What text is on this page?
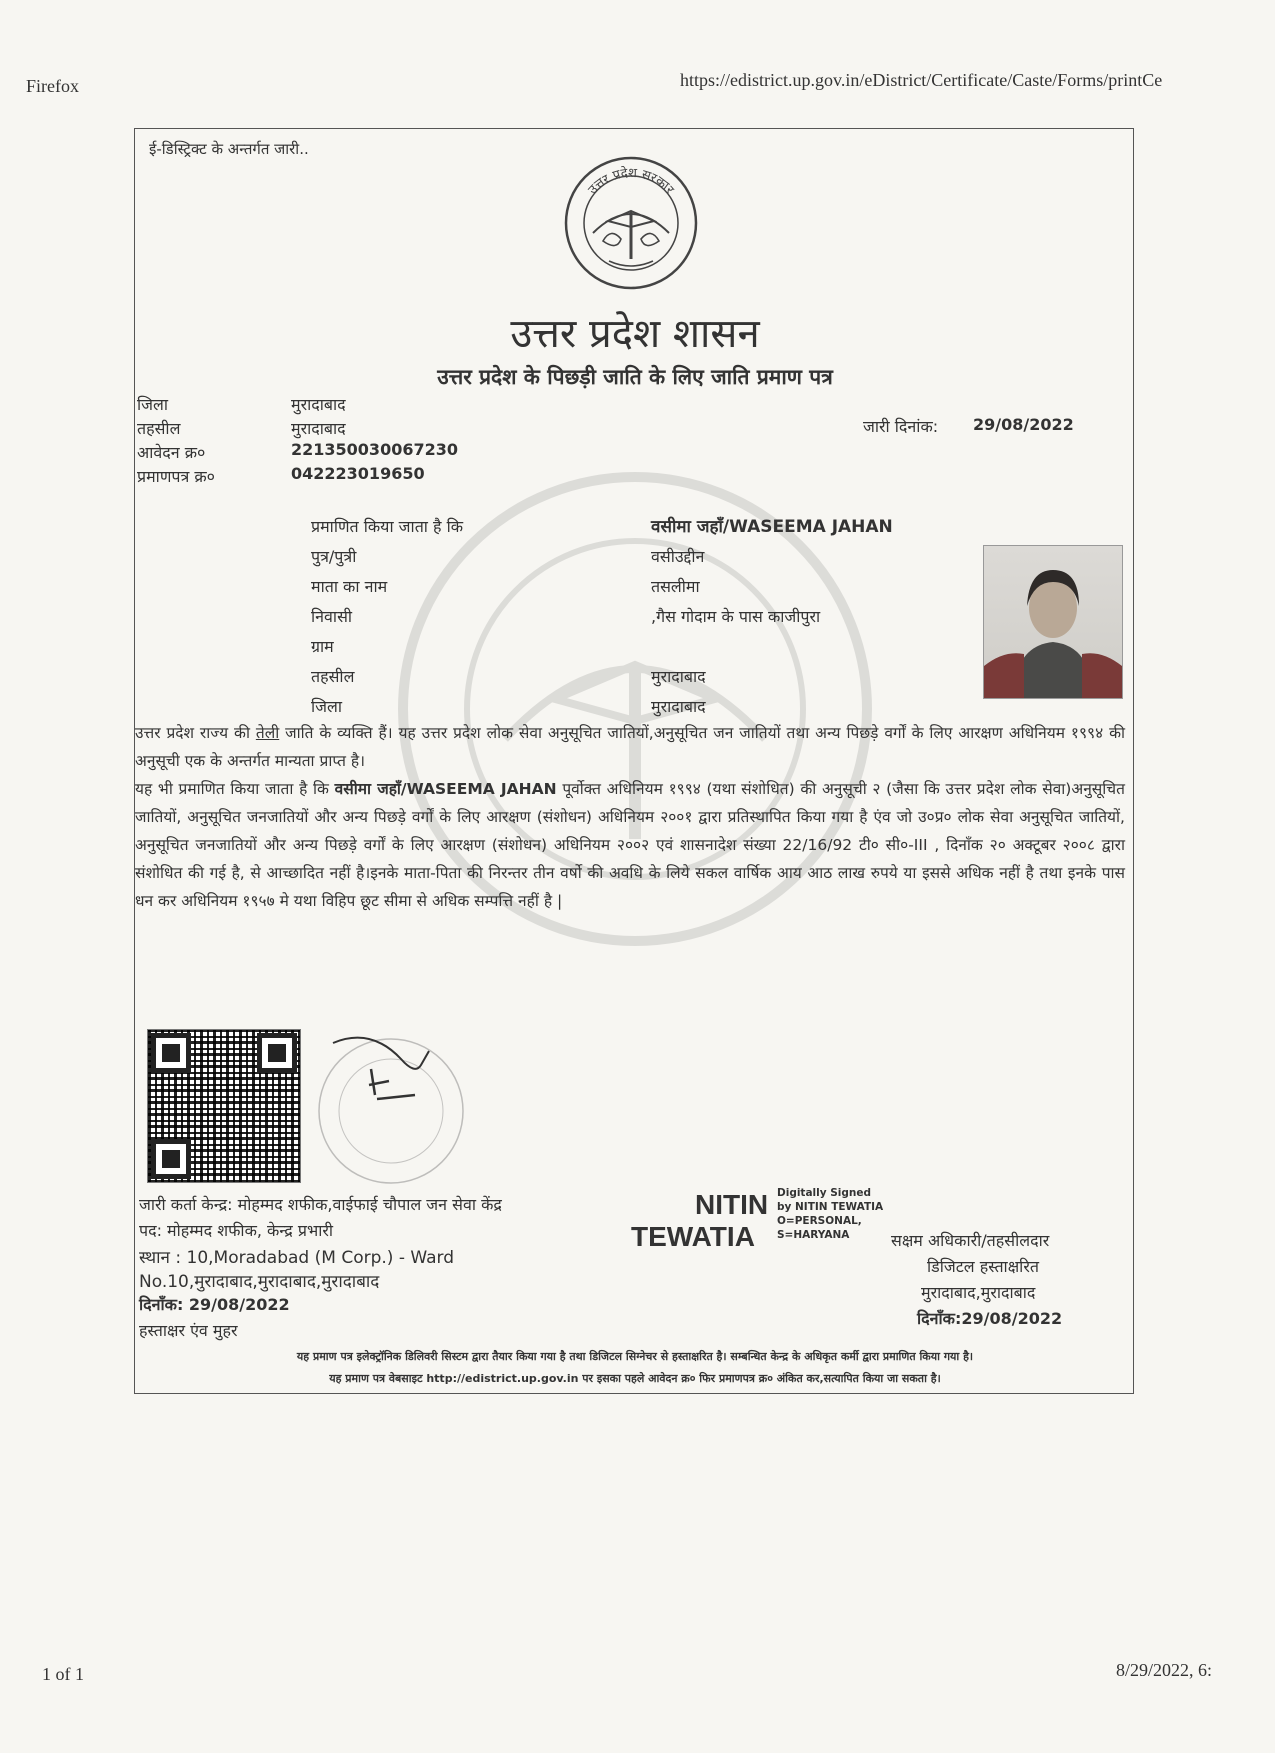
Firefox	https://edistrict.up.gov.in/eDistrict/Certificate/Caste/Forms/printCe
ई-डिस्ट्रिक्ट के अन्तर्गत जारी..
उत्तर प्रदेश सरकार
उत्तर प्रदेश शासन
उत्तर प्रदेश के पिछड़ी जाति के लिए जाति प्रमाण पत्र
जिला	मुरादाबाद
तहसील	मुरादाबाद
आवेदन क्र०	221350030067230
प्रमाणपत्र क्र०	042223019650
जारी दिनांक: 29/08/2022
प्रमाणित किया जाता है कि	वसीमा जहाँ/WASEEMA JAHAN
पुत्र/पुत्री	वसीउद्दीन
माता का नाम	तसलीमा
निवासी	,गैस गोदाम के पास काजीपुरा
ग्राम
तहसील	मुरादाबाद
जिला	मुरादाबाद
उत्तर प्रदेश राज्य की तेली जाति के व्यक्ति हैं। यह उत्तर प्रदेश लोक सेवा अनुसूचित जातियों,अनुसूचित जन जातियों तथा अन्य पिछड़े वर्गों के लिए आरक्षण अधिनियम १९९४ की अनुसूची एक के अन्तर्गत मान्यता प्राप्त है।
यह भी प्रमाणित किया जाता है कि वसीमा जहाँ/WASEEMA JAHAN पूर्वोक्त अधिनियम १९९४ (यथा संशोधित) की अनुसूची २ (जैसा कि उत्तर प्रदेश लोक सेवा)अनुसूचित जातियों, अनुसूचित जनजातियों और अन्य पिछड़े वर्गों के लिए आरक्षण (संशोधन) अधिनियम २००१ द्वारा प्रतिस्थापित किया गया है एंव जो उ०प्र० लोक सेवा अनुसूचित जातियों, अनुसूचित जनजातियों और अन्य पिछड़े वर्गों के लिए आरक्षण (संशोधन) अधिनियम २००२ एवं शासनादेश संख्या 22/16/92 टी० सी०-III , दिनाँक २० अक्टूबर २००८ द्वारा संशोधित की गई है, से आच्छादित नहीं है।इनके माता-पिता की निरन्तर तीन वर्षो की अवधि के लिये सकल वार्षिक आय आठ लाख रुपये या इससे अधिक नहीं है तथा इनके पास धन कर अधिनियम १९५७ मे यथा विहिप छूट सीमा से अधिक सम्पत्ति नहीं है |
जारी कर्ता केन्द्र: मोहम्मद शफीक,वाईफाई चौपाल जन सेवा केंद्र
पद: मोहम्मद शफीक, केन्द्र प्रभारी
स्थान : 10,Moradabad (M Corp.) - Ward
No.10,मुरादाबाद,मुरादाबाद,मुरादाबाद
दिनाँक: 29/08/2022
हस्ताक्षर एंव मुहर
NITIN
TEWATIA
Digitally Signed
by NITIN TEWATIA
O=PERSONAL,
S=HARYANA	सक्षम अधिकारी/तहसीलदार
डिजिटल हस्ताक्षरित
मुरादाबाद,मुरादाबाद
दिनाँक:29/08/2022
यह प्रमाण पत्र इलेक्ट्रॉनिक डिलिवरी सिस्टम द्वारा तैयार किया गया है तथा डिजिटल सिग्नेचर से हस्ताक्षरित है। सम्बन्धित केन्द्र के अधिकृत कर्मी द्वारा प्रमाणित किया गया है।
यह प्रमाण पत्र वेबसाइट http://edistrict.up.gov.in पर इसका पहले आवेदन क्र० फिर प्रमाणपत्र क्र० अंकित कर,सत्यापित किया जा सकता है।
1 of 1	8/29/2022, 6:
